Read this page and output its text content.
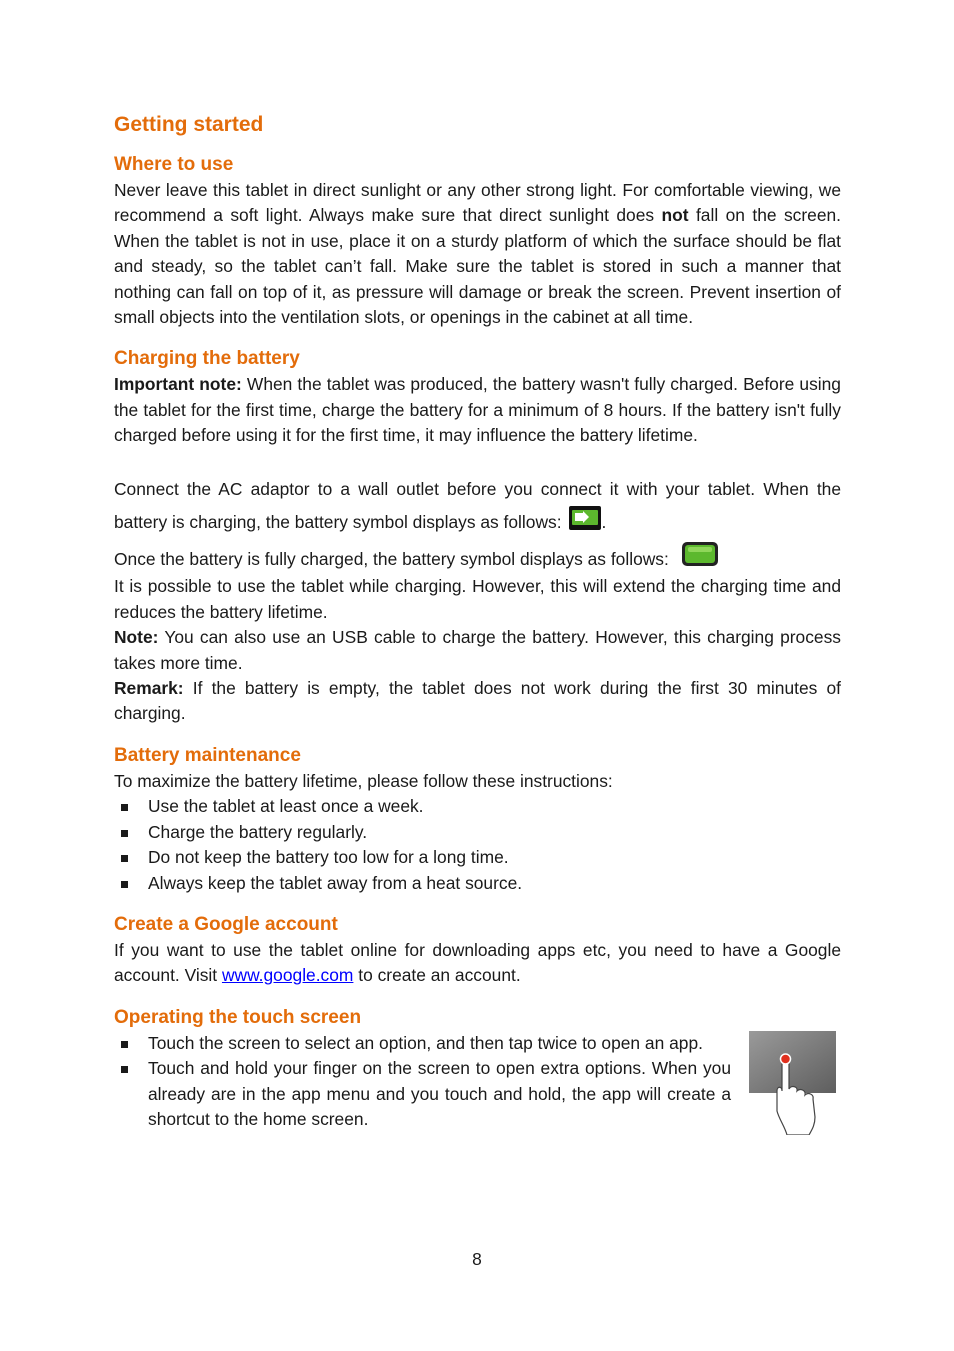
Getting started
Where to use

Never leave this tablet in direct sunlight or any other strong light. For comfortable viewing, we recommend a soft light. Always make sure that direct sunlight does not fall on the screen. When the tablet is not in use, place it on a sturdy platform of which the surface should be flat and steady, so the tablet can’t fall. Make sure the tablet is stored in such a manner that nothing can fall on top of it, as pressure will damage or break the screen. Prevent insertion of small objects into the ventilation slots, or openings in the cabinet at all time.

Charging the battery

Important note: When the tablet was produced, the battery wasn't fully charged. Before using the tablet for the first time, charge the battery for a minimum of 8 hours. If the battery isn't fully charged before using it for the first time, it may influence the battery lifetime.

Connect the AC adaptor to a wall outlet before you connect it with your tablet. When the battery is charging, the battery symbol displays as follows: .

Once the battery is fully charged, the battery symbol displays as follows:

It is possible to use the tablet while charging. However, this will extend the charging time and reduces the battery lifetime.

Note: You can also use an USB cable to charge the battery. However, this charging process takes more time.

Remark: If the battery is empty, the tablet does not work during the first 30 minutes of charging.

Battery maintenance

To maximize the battery lifetime, please follow these instructions:

Use the tablet at least once a week.
Charge the battery regularly.
Do not keep the battery too low for a long time.
Always keep the tablet away from a heat source.
Create a Google account

If you want to use the tablet online for downloading apps etc, you need to have a Google account. Visit www.google.com to create an account.

Operating the touch screen
Touch the screen to select an option, and then tap twice to open an app.
Touch and hold your finger on the screen to open extra options. When you already are in the app menu and you touch and hold, the app will create a shortcut to the home screen.
8
